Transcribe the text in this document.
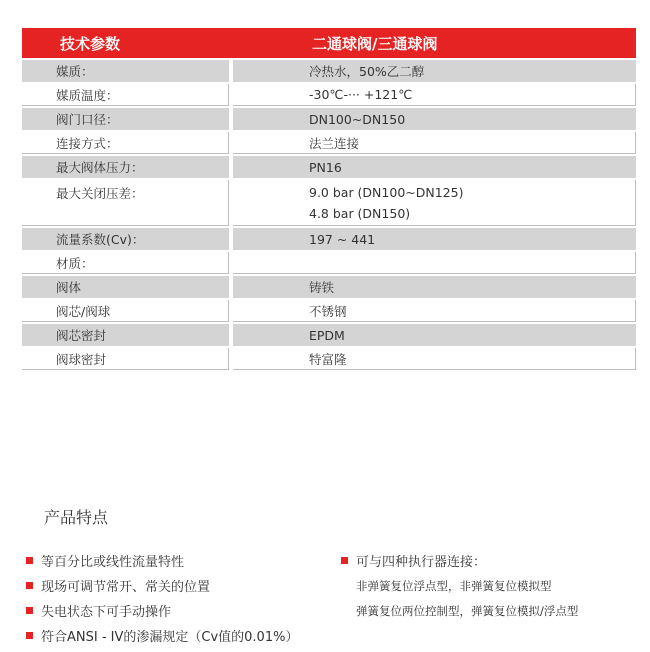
技术参数	二通球阀/三通球阀
媒质：	冷热水，50%乙二醇
媒质温度：	-30℃-··· +121℃
阀门口径：	DN100~DN150
连接方式：	法兰连接
最大阀体压力：	PN16
最大关闭压差：	9.0 bar (DN100~DN125)
4.8 bar (DN150)
流量系数(Cv)：	197 ~ 441
材质：
阀体	铸铁
阀芯/阀球	不锈钢
阀芯密封	EPDM
阀球密封	特富隆
产品特点
等百分比或线性流量特性
现场可调节常开、常关的位置
失电状态下可手动操作
符合ANSI - IV的渗漏规定（Cv值的0.01%）
可与四种执行器连接：
非弹簧复位浮点型，非弹簧复位模拟型
弹簧复位两位控制型，弹簧复位模拟/浮点型
